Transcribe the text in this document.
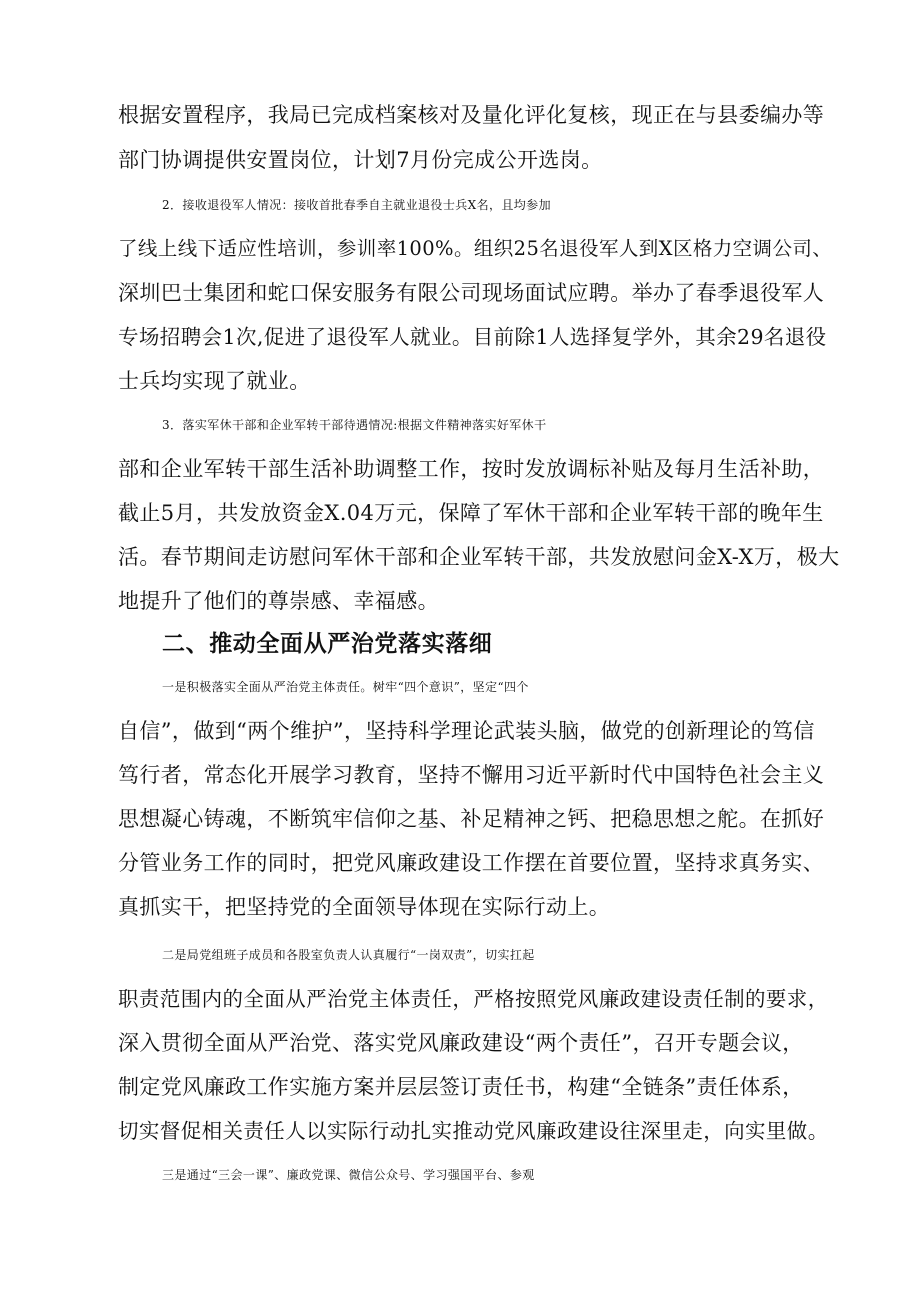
根据安置程序，我局已完成档案核对及量化评化复核，现正在与县委编办等
部门协调提供安置岗位，计划7月份完成公开选岗。
2．接收退役军人情况：接收首批春季自主就业退役士兵X名，且均参加
了线上线下适应性培训，参训率100%。组织25名退役军人到X区格力空调公司、
深圳巴士集团和蛇口保安服务有限公司现场面试应聘。举办了春季退役军人
专场招聘会1次,促进了退役军人就业。目前除1人选择复学外，其余29名退役
士兵均实现了就业。
3．落实军休干部和企业军转干部待遇情况:根据文件精神落实好军休干
部和企业军转干部生活补助调整工作，按时发放调标补贴及每月生活补助，
截止5月，共发放资金X.04万元，保障了军休干部和企业军转干部的晚年生
活。春节期间走访慰问军休干部和企业军转干部，共发放慰问金X-X万，极大
地提升了他们的尊崇感、幸福感。
二、推动全面从严治党落实落细
一是积极落实全面从严治党主体责任。树牢“四个意识”，坚定“四个
自信”，做到“两个维护”，坚持科学理论武装头脑，做党的创新理论的笃信
笃行者，常态化开展学习教育，坚持不懈用习近平新时代中国特色社会主义
思想凝心铸魂，不断筑牢信仰之基、补足精神之钙、把稳思想之舵。在抓好
分管业务工作的同时，把党风廉政建设工作摆在首要位置，坚持求真务实、
真抓实干，把坚持党的全面领导体现在实际行动上。
二是局党组班子成员和各股室负责人认真履行“一岗双责”，切实扛起
职责范围内的全面从严治党主体责任，严格按照党风廉政建设责任制的要求，
深入贯彻全面从严治党、落实党风廉政建设“两个责任”，召开专题会议，
制定党风廉政工作实施方案并层层签订责任书，构建“全链条”责任体系，
切实督促相关责任人以实际行动扎实推动党风廉政建设往深里走，向实里做。
三是通过“三会一课”、廉政党课、微信公众号、学习强国平台、参观
